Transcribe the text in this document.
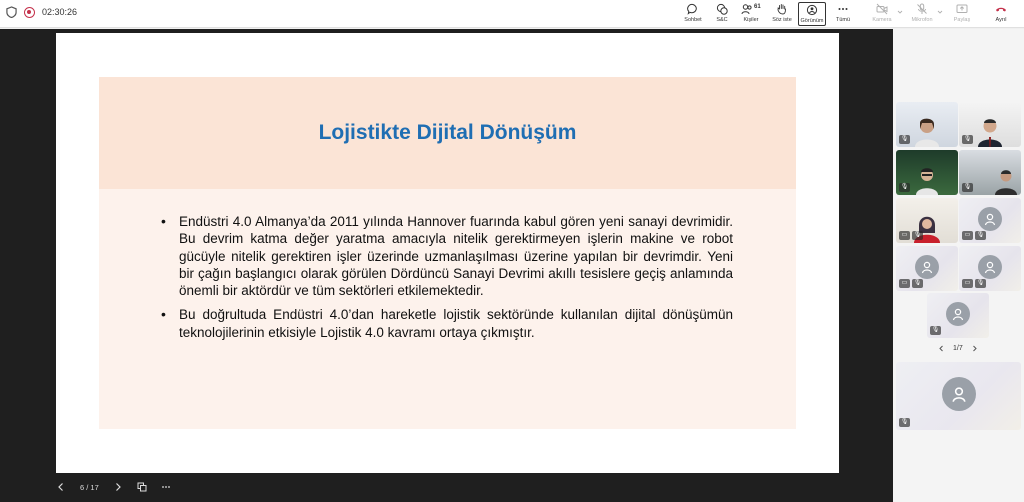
02:30:26
Sohbet	S&C
61
Kişiler Söz iste Görünüm Tümü	Kamera	Mikrofon	Paylaş	Ayrıl
Lojistikte Dijital Dönüşüm
• Endüstri 4.0 Almanya’da 2011 yılında Hannover fuarında kabul gören yeni sanayi devrimidir. Bu devrim katma değer yaratma amacıyla nitelik gerektirmeyen işlerin makine ve robot gücüyle nitelik gerektiren işler üzerinde uzmanlaşılması üzerine yapılan bir devrimdir. Yeni bir çağın başlangıcı olarak görülen Dördüncü Sanayi Devrimi akıllı tesislere geçiş anlamında önemli bir aktördür ve tüm sektörleri etkilemektedir.
• Bu doğrultuda Endüstri 4.0’dan hareketle lojistik sektöründe kullanılan dijital dönüşümün teknolojilerinin etkisiyle Lojistik 4.0 kavramı ortaya çıkmıştır.
6 / 17
🎙	🎙
🎙	🎙
▭	🎙	▭	🎙
▭	🎙	▭	🎙
🎙
1/7
🎙
